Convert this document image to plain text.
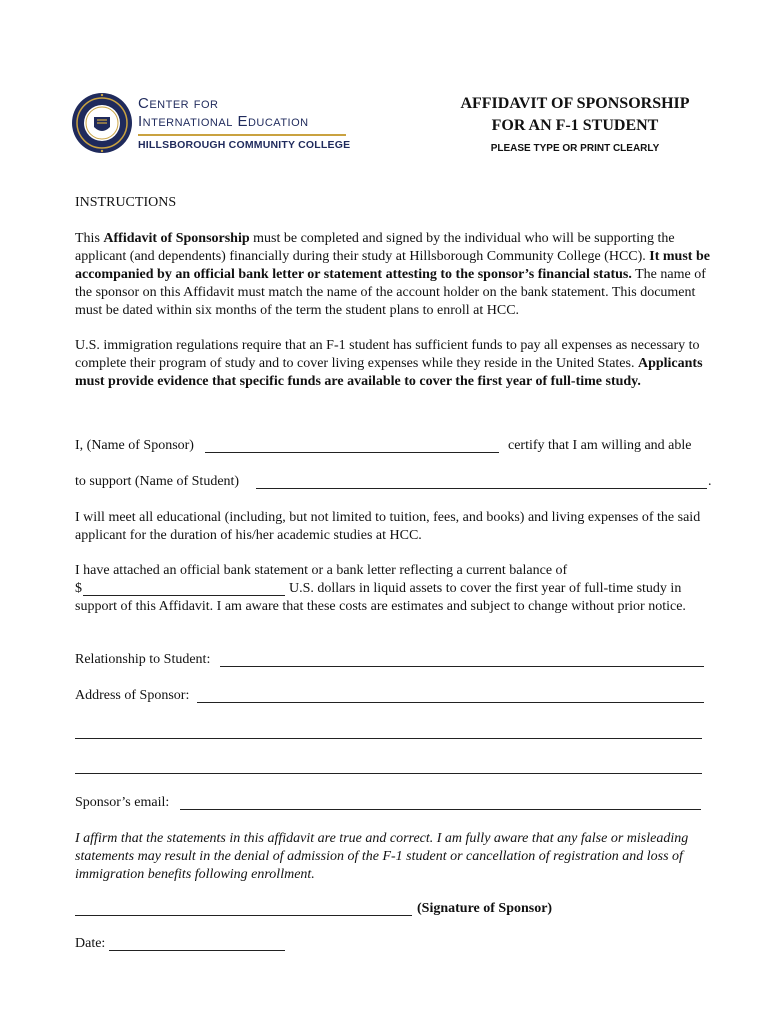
Center for
International Education
HILLSBOROUGH COMMUNITY COLLEGE
AFFIDAVIT OF SPONSORSHIP
FOR AN F-1 STUDENT
PLEASE TYPE OR PRINT CLEARLY
INSTRUCTIONS

This Affidavit of Sponsorship must be completed and signed by the individual who will be supporting the applicant (and dependents) financially during their study at Hillsborough Community College (HCC). It must be accompanied by an official bank letter or statement attesting to the sponsor’s financial status. The name of the sponsor on this Affidavit must match the name of the account holder on the bank statement. This document must be dated within six months of the term the student plans to enroll at HCC.

U.S. immigration regulations require that an F-1 student has sufficient funds to pay all expenses as necessary to complete their program of study and to cover living expenses while they reside in the United States. Applicants must provide evidence that specific funds are available to cover the first year of full-time study.

I, (Name of Sponsor)	certify that I am willing and able
to support (Name of Student)	.

I will meet all educational (including, but not limited to tuition, fees, and books) and living expenses of the said applicant for the duration of his/her academic studies at HCC.

I have attached an official bank statement or a bank letter reflecting a current balance of
$	U.S. dollars in liquid assets to cover the first year of full-time study in

support of this Affidavit. I am aware that these costs are estimates and subject to change without prior notice.

Relationship to Student:
Address of Sponsor:
Sponsor’s email:

I affirm that the statements in this affidavit are true and correct. I am fully aware that any false or misleading statements may result in the denial of admission of the F-1 student or cancellation of registration and loss of immigration benefits following enrollment.

(Signature of Sponsor)
Date:
